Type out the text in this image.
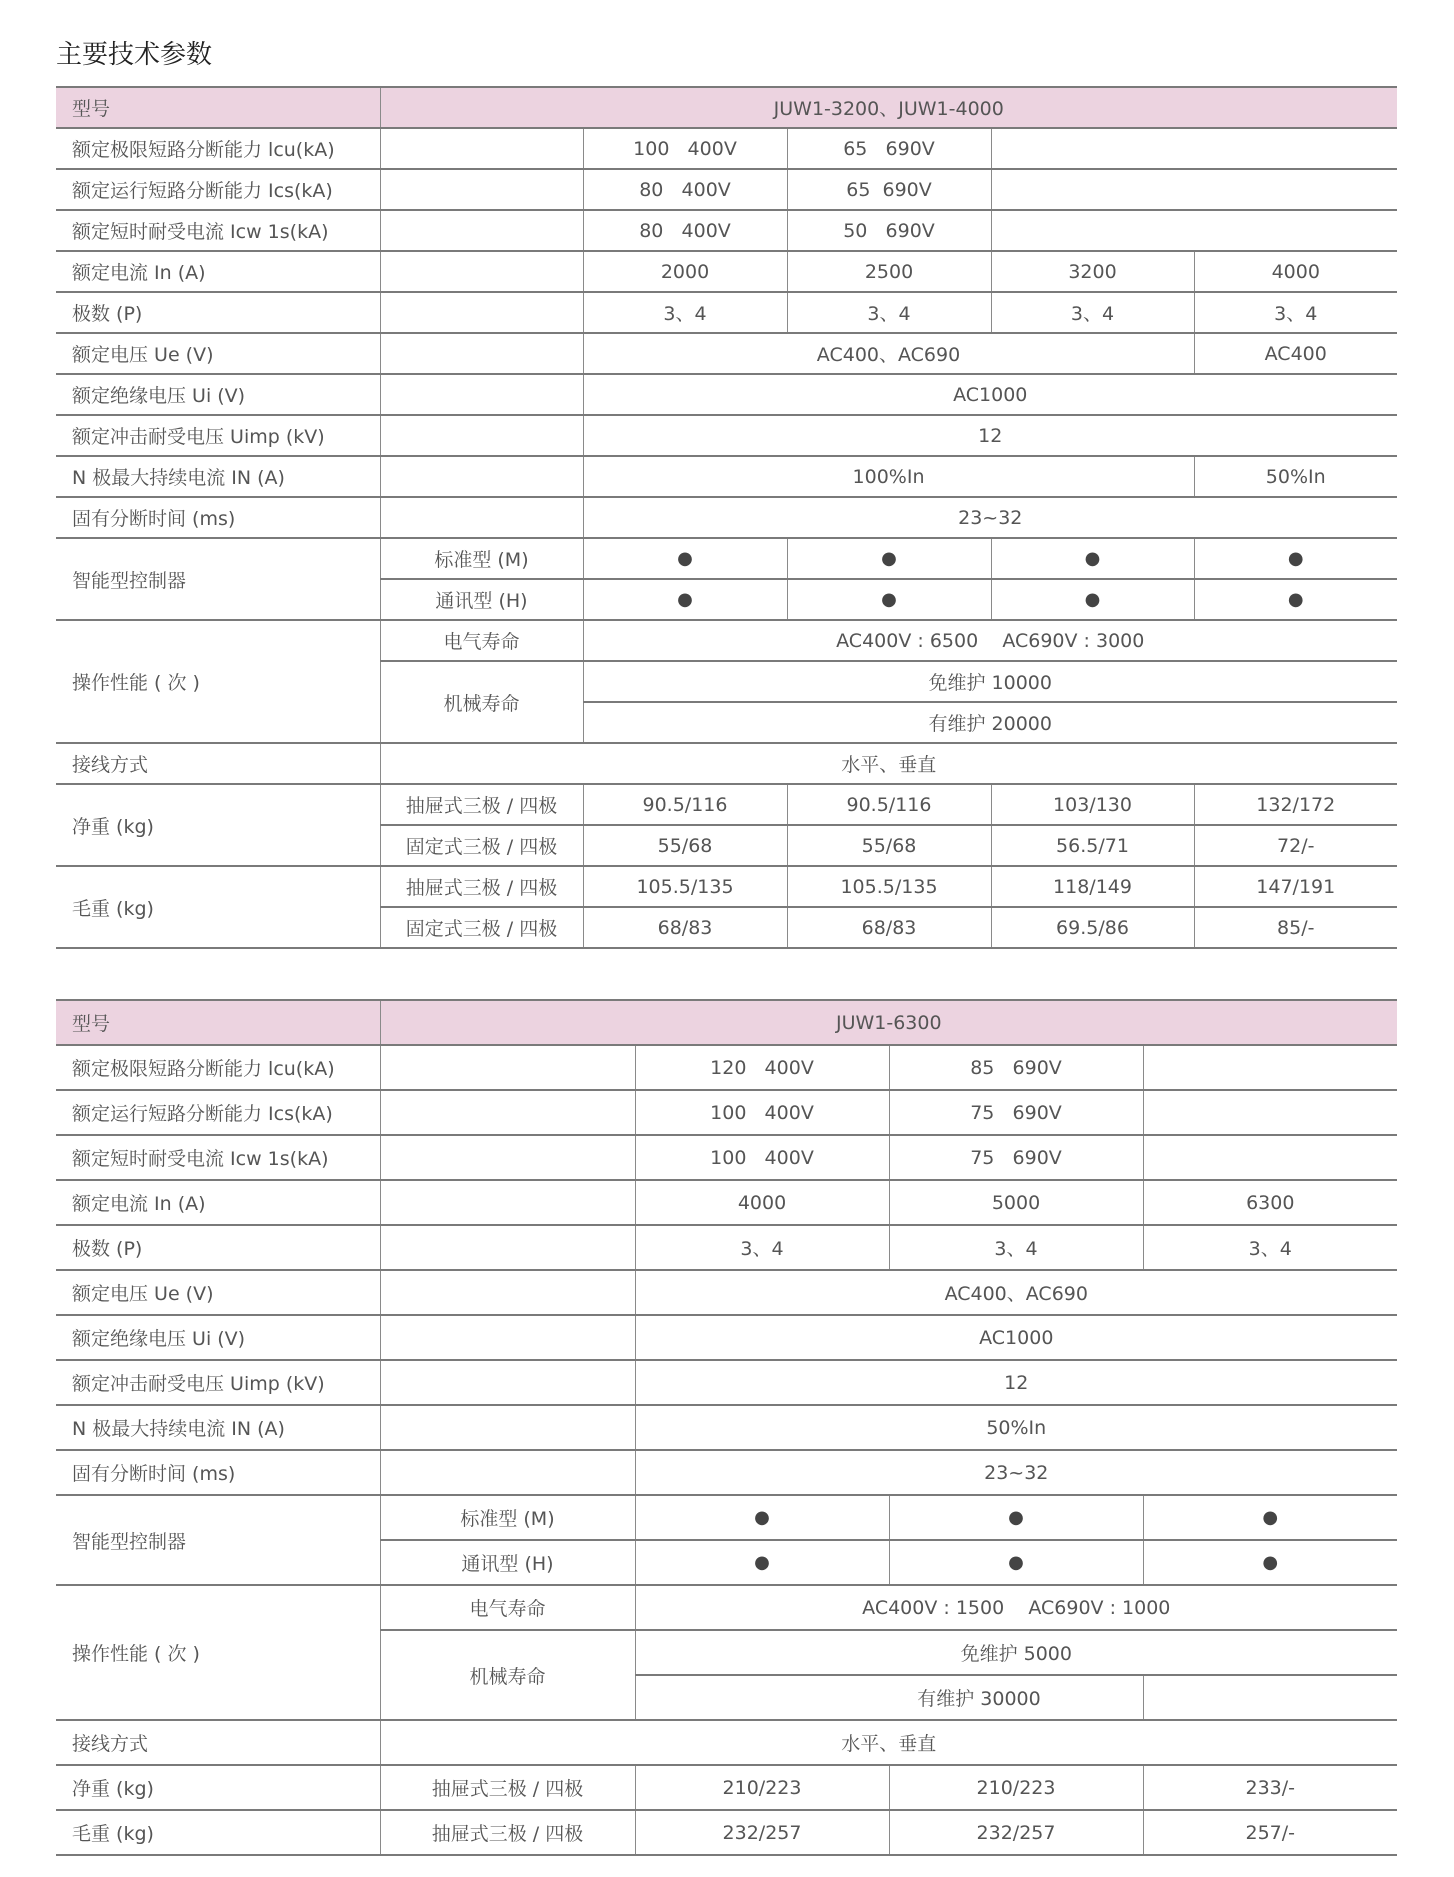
主要技术参数
型号	JUW1-3200、JUW1-4000				
额定极限短路分断能力 lcu(kA)		100   400V	65   690V		
额定运行短路分断能力 Ics(kA)		80   400V	65  690V		
额定短时耐受电流 Icw 1s(kA)		80   400V	50   690V		
额定电流 In (A)		2000	2500	3200	4000
极数 (P)		3、4	3、4	3、4	3、4
额定电压 Ue (V)		AC400、AC690			AC400
额定绝缘电压 Ui (V)		AC1000			
额定冲击耐受电压 Uimp (kV)		12			
N 极最大持续电流 IN (A)		100%In			50%In
固有分断时间 (ms)		23~32			
智能型控制器	标准型 (M)	●	●	●	●
	通讯型 (H)	●	●	●	●
操作性能 ( 次 )	电气寿命	AC400V : 6500    AC690V : 3000			
	机械寿命	免维护 10000			
		有维护 20000			
接线方式	水平、垂直				
净重 (kg)	抽屉式三极 / 四极	90.5/116	90.5/116	103/130	132/172
	固定式三极 / 四极	55/68	55/68	56.5/71	72/-
毛重 (kg)	抽屉式三极 / 四极	105.5/135	105.5/135	118/149	147/191
	固定式三极 / 四极	68/83	68/83	69.5/86	85/-
型号	JUW1-6300			
额定极限短路分断能力 lcu(kA)		120   400V	85   690V	
额定运行短路分断能力 Ics(kA)		100   400V	75   690V	
额定短时耐受电流 Icw 1s(kA)		100   400V	75   690V	
额定电流 In (A)		4000	5000	6300
极数 (P)		3、4	3、4	3、4
额定电压 Ue (V)		AC400、AC690		
额定绝缘电压 Ui (V)		AC1000		
额定冲击耐受电压 Uimp (kV)		12		
N 极最大持续电流 IN (A)		50%In		
固有分断时间 (ms)		23~32		
智能型控制器	标准型 (M)	●	●	●
	通讯型 (H)	●	●	●
操作性能 ( 次 )	电气寿命	AC400V : 1500    AC690V : 1000		
	机械寿命	免维护 5000		
		有维护 30000		
接线方式	水平、垂直			
净重 (kg)	抽屉式三极 / 四极	210/223	210/223	233/-
毛重 (kg)	抽屉式三极 / 四极	232/257	232/257	257/-
